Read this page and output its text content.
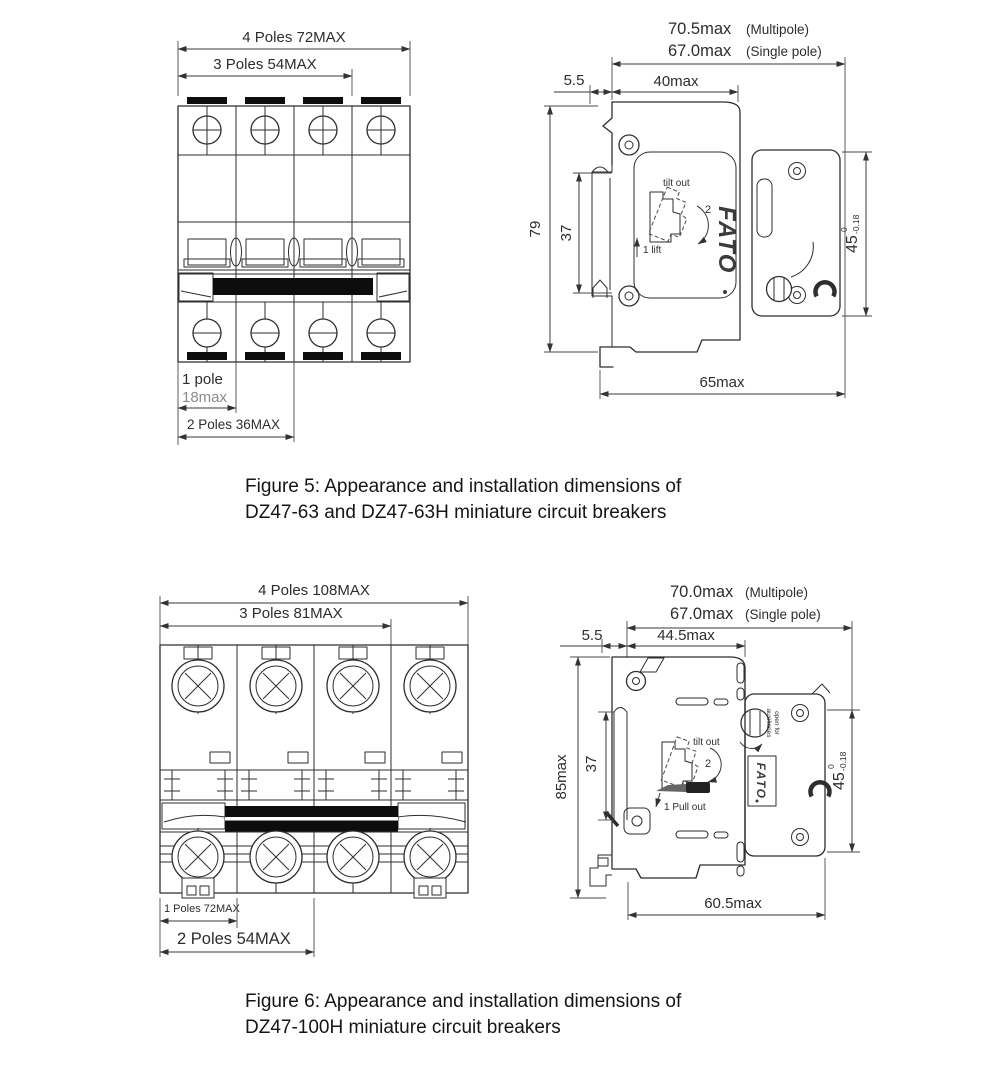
4 Poles 72MAX
3 Poles 54MAX
1 pole
18max
2 Poles 36MAX
70.5max (Multipole)
67.0max (Single pole)
5.5	40max
tilt out
2
1 lift FATO	45
0 -0.18
79 37
65max
Figure 5: Appearance and installation dimensions of
DZ47-63 and DZ47-63H miniature circuit breakers
4 Poles 108MAX
3 Poles 81MAX
1 Poles 72MAX
2 Poles 54MAX
70.0max (Multipole)
67.0max (Single pole)
5.5	44.5max
tilt out
2
1 Pull out
open for
auxiliaries
FATO	45
0 -0.18
85max 37
60.5max
Figure 6: Appearance and installation dimensions of
DZ47-100H miniature circuit breakers
